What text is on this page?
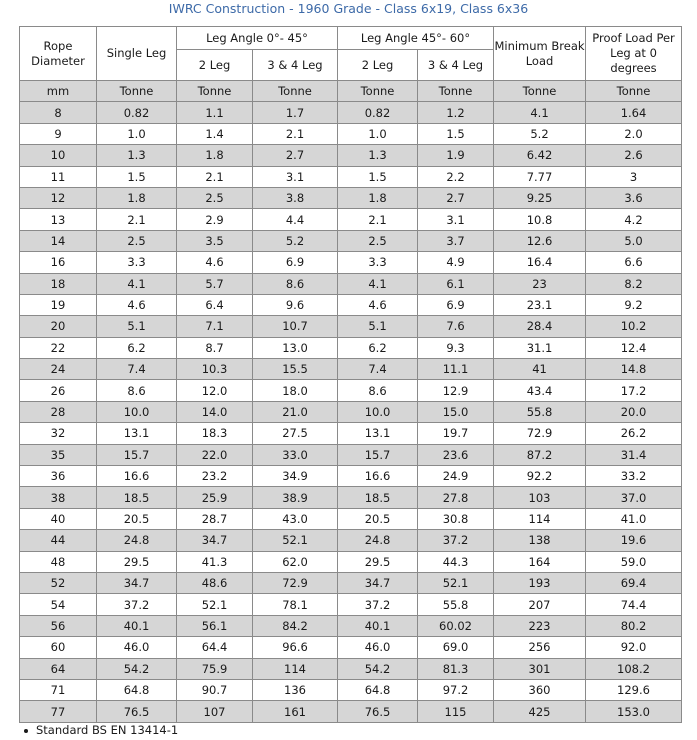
IWRC Construction - 1960 Grade - Class 6x19, Class 6x36
Rope Diameter	Single Leg	Leg Angle 0°- 45°		Leg Angle 45°- 60°		Minimum Break Load	Proof Load Per Leg at 0 degrees
		2 Leg	3 & 4 Leg	2 Leg	3 & 4 Leg		
mm	Tonne	Tonne	Tonne	Tonne	Tonne	Tonne	Tonne
8	0.82	1.1	1.7	0.82	1.2	4.1	1.64
9	1.0	1.4	2.1	1.0	1.5	5.2	2.0
10	1.3	1.8	2.7	1.3	1.9	6.42	2.6
11	1.5	2.1	3.1	1.5	2.2	7.77	3
12	1.8	2.5	3.8	1.8	2.7	9.25	3.6
13	2.1	2.9	4.4	2.1	3.1	10.8	4.2
14	2.5	3.5	5.2	2.5	3.7	12.6	5.0
16	3.3	4.6	6.9	3.3	4.9	16.4	6.6
18	4.1	5.7	8.6	4.1	6.1	23	8.2
19	4.6	6.4	9.6	4.6	6.9	23.1	9.2
20	5.1	7.1	10.7	5.1	7.6	28.4	10.2
22	6.2	8.7	13.0	6.2	9.3	31.1	12.4
24	7.4	10.3	15.5	7.4	11.1	41	14.8
26	8.6	12.0	18.0	8.6	12.9	43.4	17.2
28	10.0	14.0	21.0	10.0	15.0	55.8	20.0
32	13.1	18.3	27.5	13.1	19.7	72.9	26.2
35	15.7	22.0	33.0	15.7	23.6	87.2	31.4
36	16.6	23.2	34.9	16.6	24.9	92.2	33.2
38	18.5	25.9	38.9	18.5	27.8	103	37.0
40	20.5	28.7	43.0	20.5	30.8	114	41.0
44	24.8	34.7	52.1	24.8	37.2	138	19.6
48	29.5	41.3	62.0	29.5	44.3	164	59.0
52	34.7	48.6	72.9	34.7	52.1	193	69.4
54	37.2	52.1	78.1	37.2	55.8	207	74.4
56	40.1	56.1	84.2	40.1	60.02	223	80.2
60	46.0	64.4	96.6	46.0	69.0	256	92.0
64	54.2	75.9	114	54.2	81.3	301	108.2
71	64.8	90.7	136	64.8	97.2	360	129.6
77	76.5	107	161	76.5	115	425	153.0
Standard BS EN 13414-1
